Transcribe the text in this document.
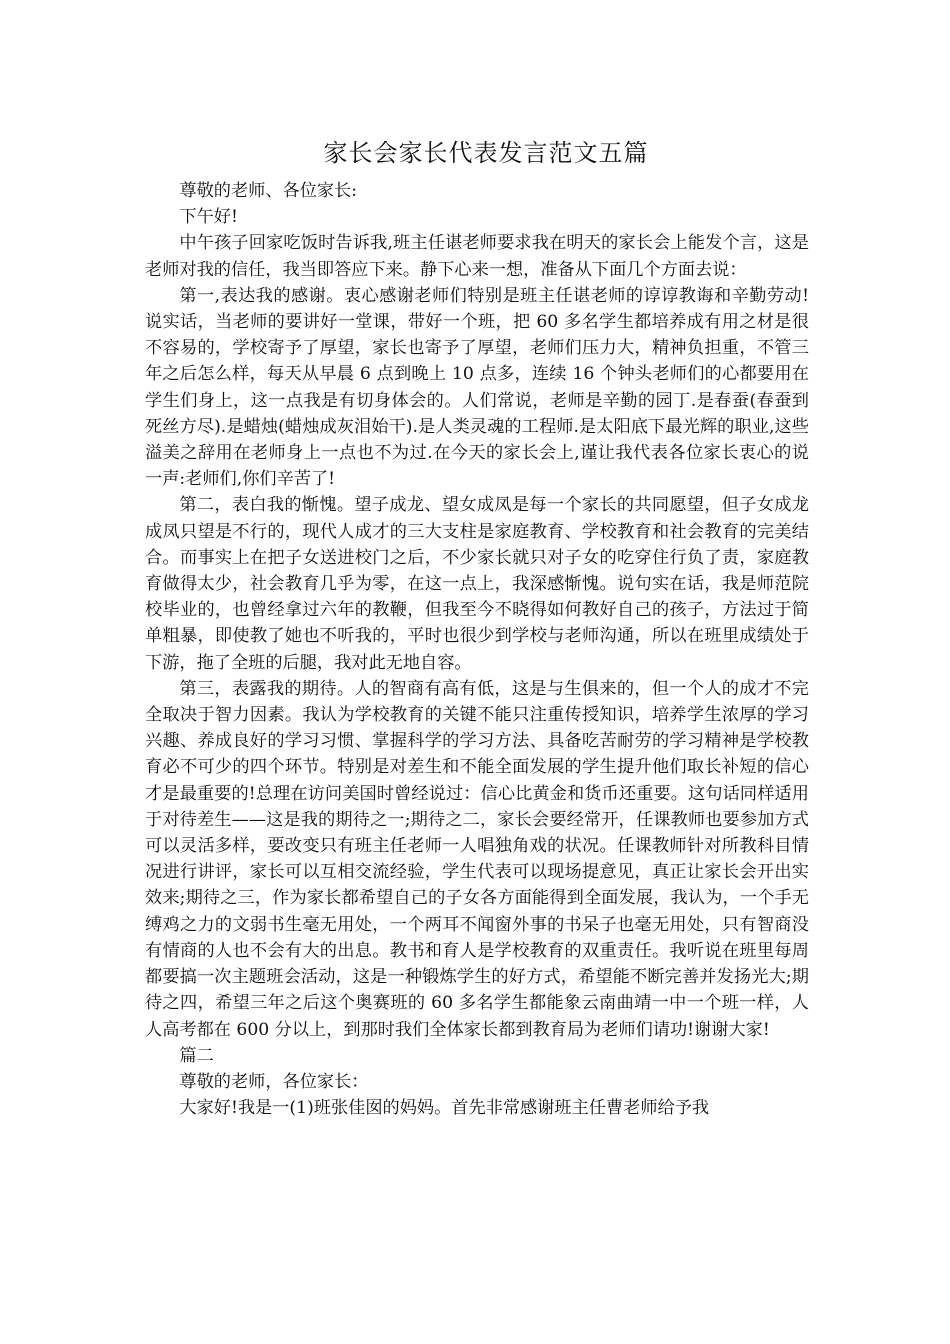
家长会家长代表发言范文五篇

尊敬的老师、各位家长:

下午好!

中午孩子回家吃饭时告诉我,班主任谌老师要求我在明天的家长会上能发个言，这是老师对我的信任，我当即答应下来。静下心来一想，准备从下面几个方面去说：

第一,表达我的感谢。衷心感谢老师们特别是班主任谌老师的谆谆教诲和辛勤劳动!说实话，当老师的要讲好一堂课，带好一个班，把 60 多名学生都培养成有用之材是很不容易的，学校寄予了厚望，家长也寄予了厚望，老师们压力大，精神负担重，不管三年之后怎么样，每天从早晨 6 点到晚上 10 点多，连续 16 个钟头老师们的心都要用在学生们身上，这一点我是有切身体会的。人们常说，老师是辛勤的园丁.是春蚕(春蚕到死丝方尽).是蜡烛(蜡烛成灰泪始干).是人类灵魂的工程师.是太阳底下最光辉的职业,这些溢美之辞用在老师身上一点也不为过.在今天的家长会上,谨让我代表各位家长衷心的说一声:老师们,你们辛苦了!

第二，表白我的惭愧。望子成龙、望女成凤是每一个家长的共同愿望，但子女成龙成凤只望是不行的，现代人成才的三大支柱是家庭教育、学校教育和社会教育的完美结合。而事实上在把子女送进校门之后，不少家长就只对子女的吃穿住行负了责，家庭教育做得太少，社会教育几乎为零，在这一点上，我深感惭愧。说句实在话，我是师范院校毕业的，也曾经拿过六年的教鞭，但我至今不晓得如何教好自己的孩子，方法过于简单粗暴，即使教了她也不听我的，平时也很少到学校与老师沟通，所以在班里成绩处于下游，拖了全班的后腿，我对此无地自容。

第三，表露我的期待。人的智商有高有低，这是与生俱来的，但一个人的成才不完全取决于智力因素。我认为学校教育的关键不能只注重传授知识，培养学生浓厚的学习兴趣、养成良好的学习习惯、掌握科学的学习方法、具备吃苦耐劳的学习精神是学校教育必不可少的四个环节。特别是对差生和不能全面发展的学生提升他们取长补短的信心才是最重要的!总理在访问美国时曾经说过：信心比黄金和货币还重要。这句话同样适用于对待差生——这是我的期待之一;期待之二，家长会要经常开，任课教师也要参加方式可以灵活多样，要改变只有班主任老师一人唱独角戏的状况。任课教师针对所教科目情况进行讲评，家长可以互相交流经验，学生代表可以现场提意见，真正让家长会开出实效来;期待之三，作为家长都希望自己的子女各方面能得到全面发展，我认为，一个手无缚鸡之力的文弱书生毫无用处，一个两耳不闻窗外事的书呆子也毫无用处，只有智商没有情商的人也不会有大的出息。教书和育人是学校教育的双重责任。我听说在班里每周都要搞一次主题班会活动，这是一种锻炼学生的好方式，希望能不断完善并发扬光大;期待之四，希望三年之后这个奥赛班的 60 多名学生都能象云南曲靖一中一个班一样，人人高考都在 600 分以上，到那时我们全体家长都到教育局为老师们请功!谢谢大家!

篇二

尊敬的老师，各位家长：

大家好!我是一(1)班张佳囡的妈妈。首先非常感谢班主任曹老师给予我
